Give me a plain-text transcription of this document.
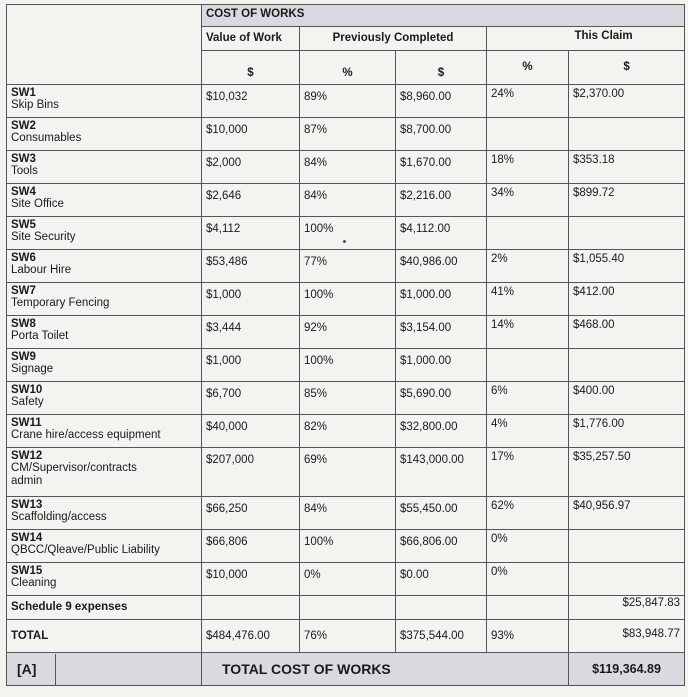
	COST OF WORKS				
	Value of Work	Previously Completed		This Claim	
	$	%	$	%	$

SW1
Skip Bins	$10,032	89%	$8,960.00	24%	$2,370.00

SW2
Consumables	$10,000	87%	$8,700.00		

SW3
Tools	$2,000	84%	$1,670.00	18%	$353.18

SW4
Site Office	$2,646	84%	$2,216.00	34%	$899.72

SW5
Site Security	$4,112	100%	$4,112.00		

SW6
Labour Hire	$53,486	77%	$40,986.00	2%	$1,055.40

SW7
Temporary Fencing	$1,000	100%	$1,000.00	41%	$412.00

SW8
Porta Toilet	$3,444	92%	$3,154.00	14%	$468.00

SW9
Signage	$1,000	100%	$1,000.00		

SW10
Safety	$6,700	85%	$5,690.00	6%	$400.00

SW11
Crane hire/access equipment	$40,000	82%	$32,800.00	4%	$1,776.00

SW12
CM/Supervisor/contracts
admin	$207,000	69%	$143,000.00	17%	$35,257.50

SW13
Scaffolding/access	$66,250	84%	$55,450.00	62%	$40,956.97

SW14
QBCC/Qleave/Public Liability	$66,806	100%	$66,806.00	0%	

SW15
Cleaning	$10,000	0%	$0.00	0%	
Schedule 9 expenses					$25,847.83
TOTAL	$484,476.00	76%	$375,544.00	93%	$83,948.77

[A]	TOTAL COST OF WORKS				$119,364.89
